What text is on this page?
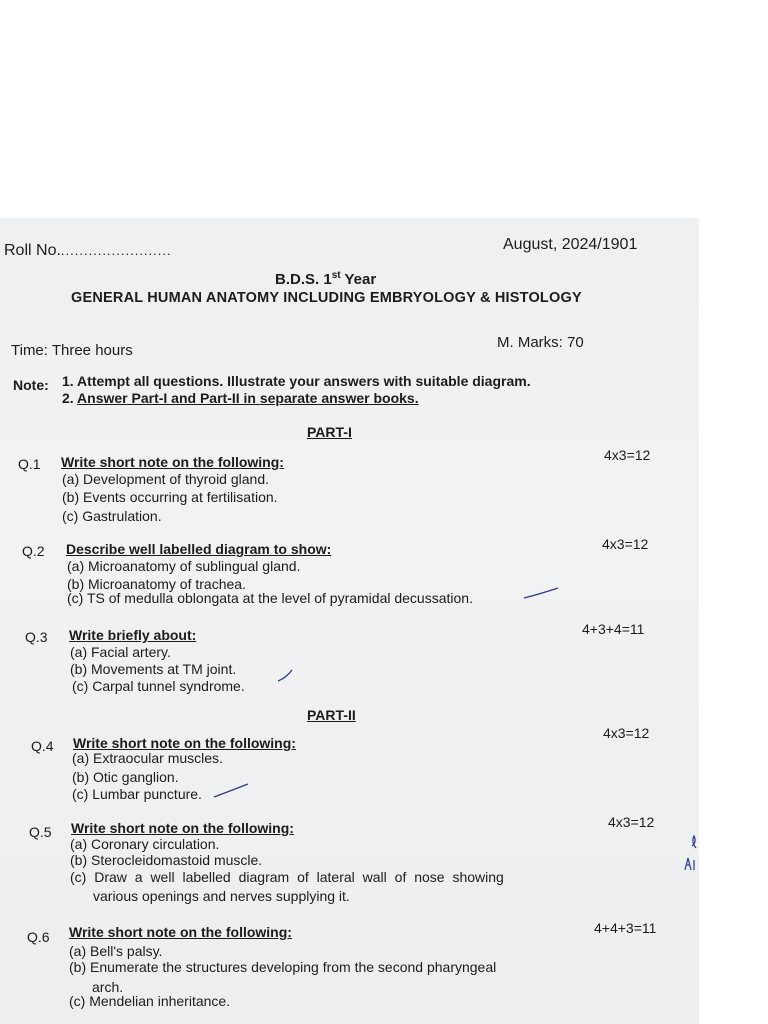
Roll No.........................	August, 2024/1901
B.D.S. 1st Year
GENERAL HUMAN ANATOMY INCLUDING EMBRYOLOGY & HISTOLOGY
Time: Three hours	M. Marks: 70
Note: 1. Attempt all questions. Illustrate your answers with suitable diagram.
2. Answer Part-I and Part-II in separate answer books.
PART-I
Q.1 Write short note on the following:	4x3=12
(a) Development of thyroid gland.
(b) Events occurring at fertilisation.
(c) Gastrulation.
Q.2 Describe well labelled diagram to show:	4x3=12
(a) Microanatomy of sublingual gland.
(b) Microanatomy of trachea.
(c) TS of medulla oblongata at the level of pyramidal decussation.
Q.3 Write briefly about:	4+3+4=11
(a) Facial artery.
(b) Movements at TM joint.
(c) Carpal tunnel syndrome.
PART-II
Q.4 Write short note on the following:
4x3=12
(a) Extraocular muscles.
(b) Otic ganglion.
(c) Lumbar puncture.
Q.5 Write short note on the following:	4x3=12
(a) Coronary circulation.
(b) Sterocleidomastoid muscle.
(c) Draw a well labelled diagram of lateral wall of nose showing
various openings and nerves supplying it.
Q.6 Write short note on the following:	4+4+3=11
(a) Bell's palsy.
(b) Enumerate the structures developing from the second pharyngeal
arch.
(c) Mendelian inheritance.
